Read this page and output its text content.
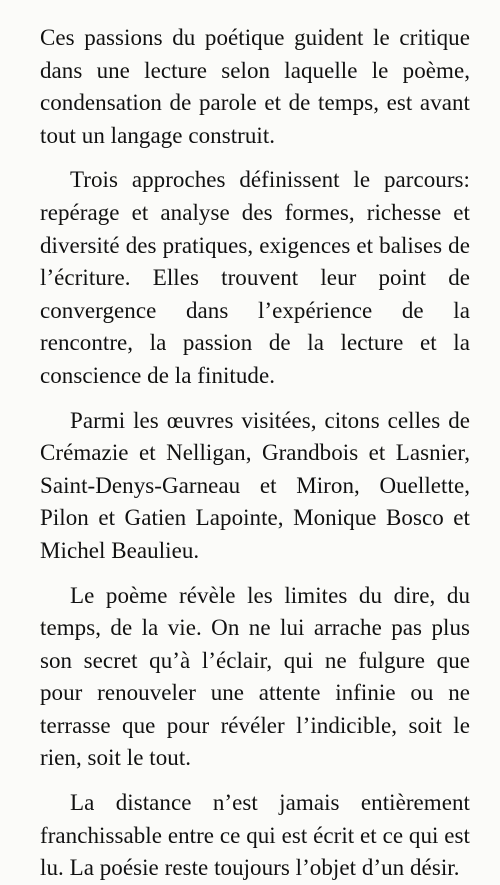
Ces passions du poétique guident le critique dans une lecture selon laquelle le poème, condensation de parole et de temps, est avant tout un langage construit.

Trois approches définissent le parcours: repérage et analyse des formes, richesse et diversité des pratiques, exigences et balises de l’écriture. Elles trouvent leur point de convergence dans l’expérience de la rencontre, la passion de la lecture et la conscience de la finitude.

Parmi les œuvres visitées, citons celles de Crémazie et Nelligan, Grandbois et Lasnier, Saint-Denys-Garneau et Miron, Ouellette, Pilon et Gatien Lapointe, Monique Bosco et Michel Beaulieu.

Le poème révèle les limites du dire, du temps, de la vie. On ne lui arrache pas plus son secret qu’à l’éclair, qui ne fulgure que pour renouveler une attente infinie ou ne terrasse que pour révéler l’indicible, soit le rien, soit le tout.

La distance n’est jamais entièrement franchissable entre ce qui est écrit et ce qui est lu. La poésie reste toujours l’objet d’un désir.
